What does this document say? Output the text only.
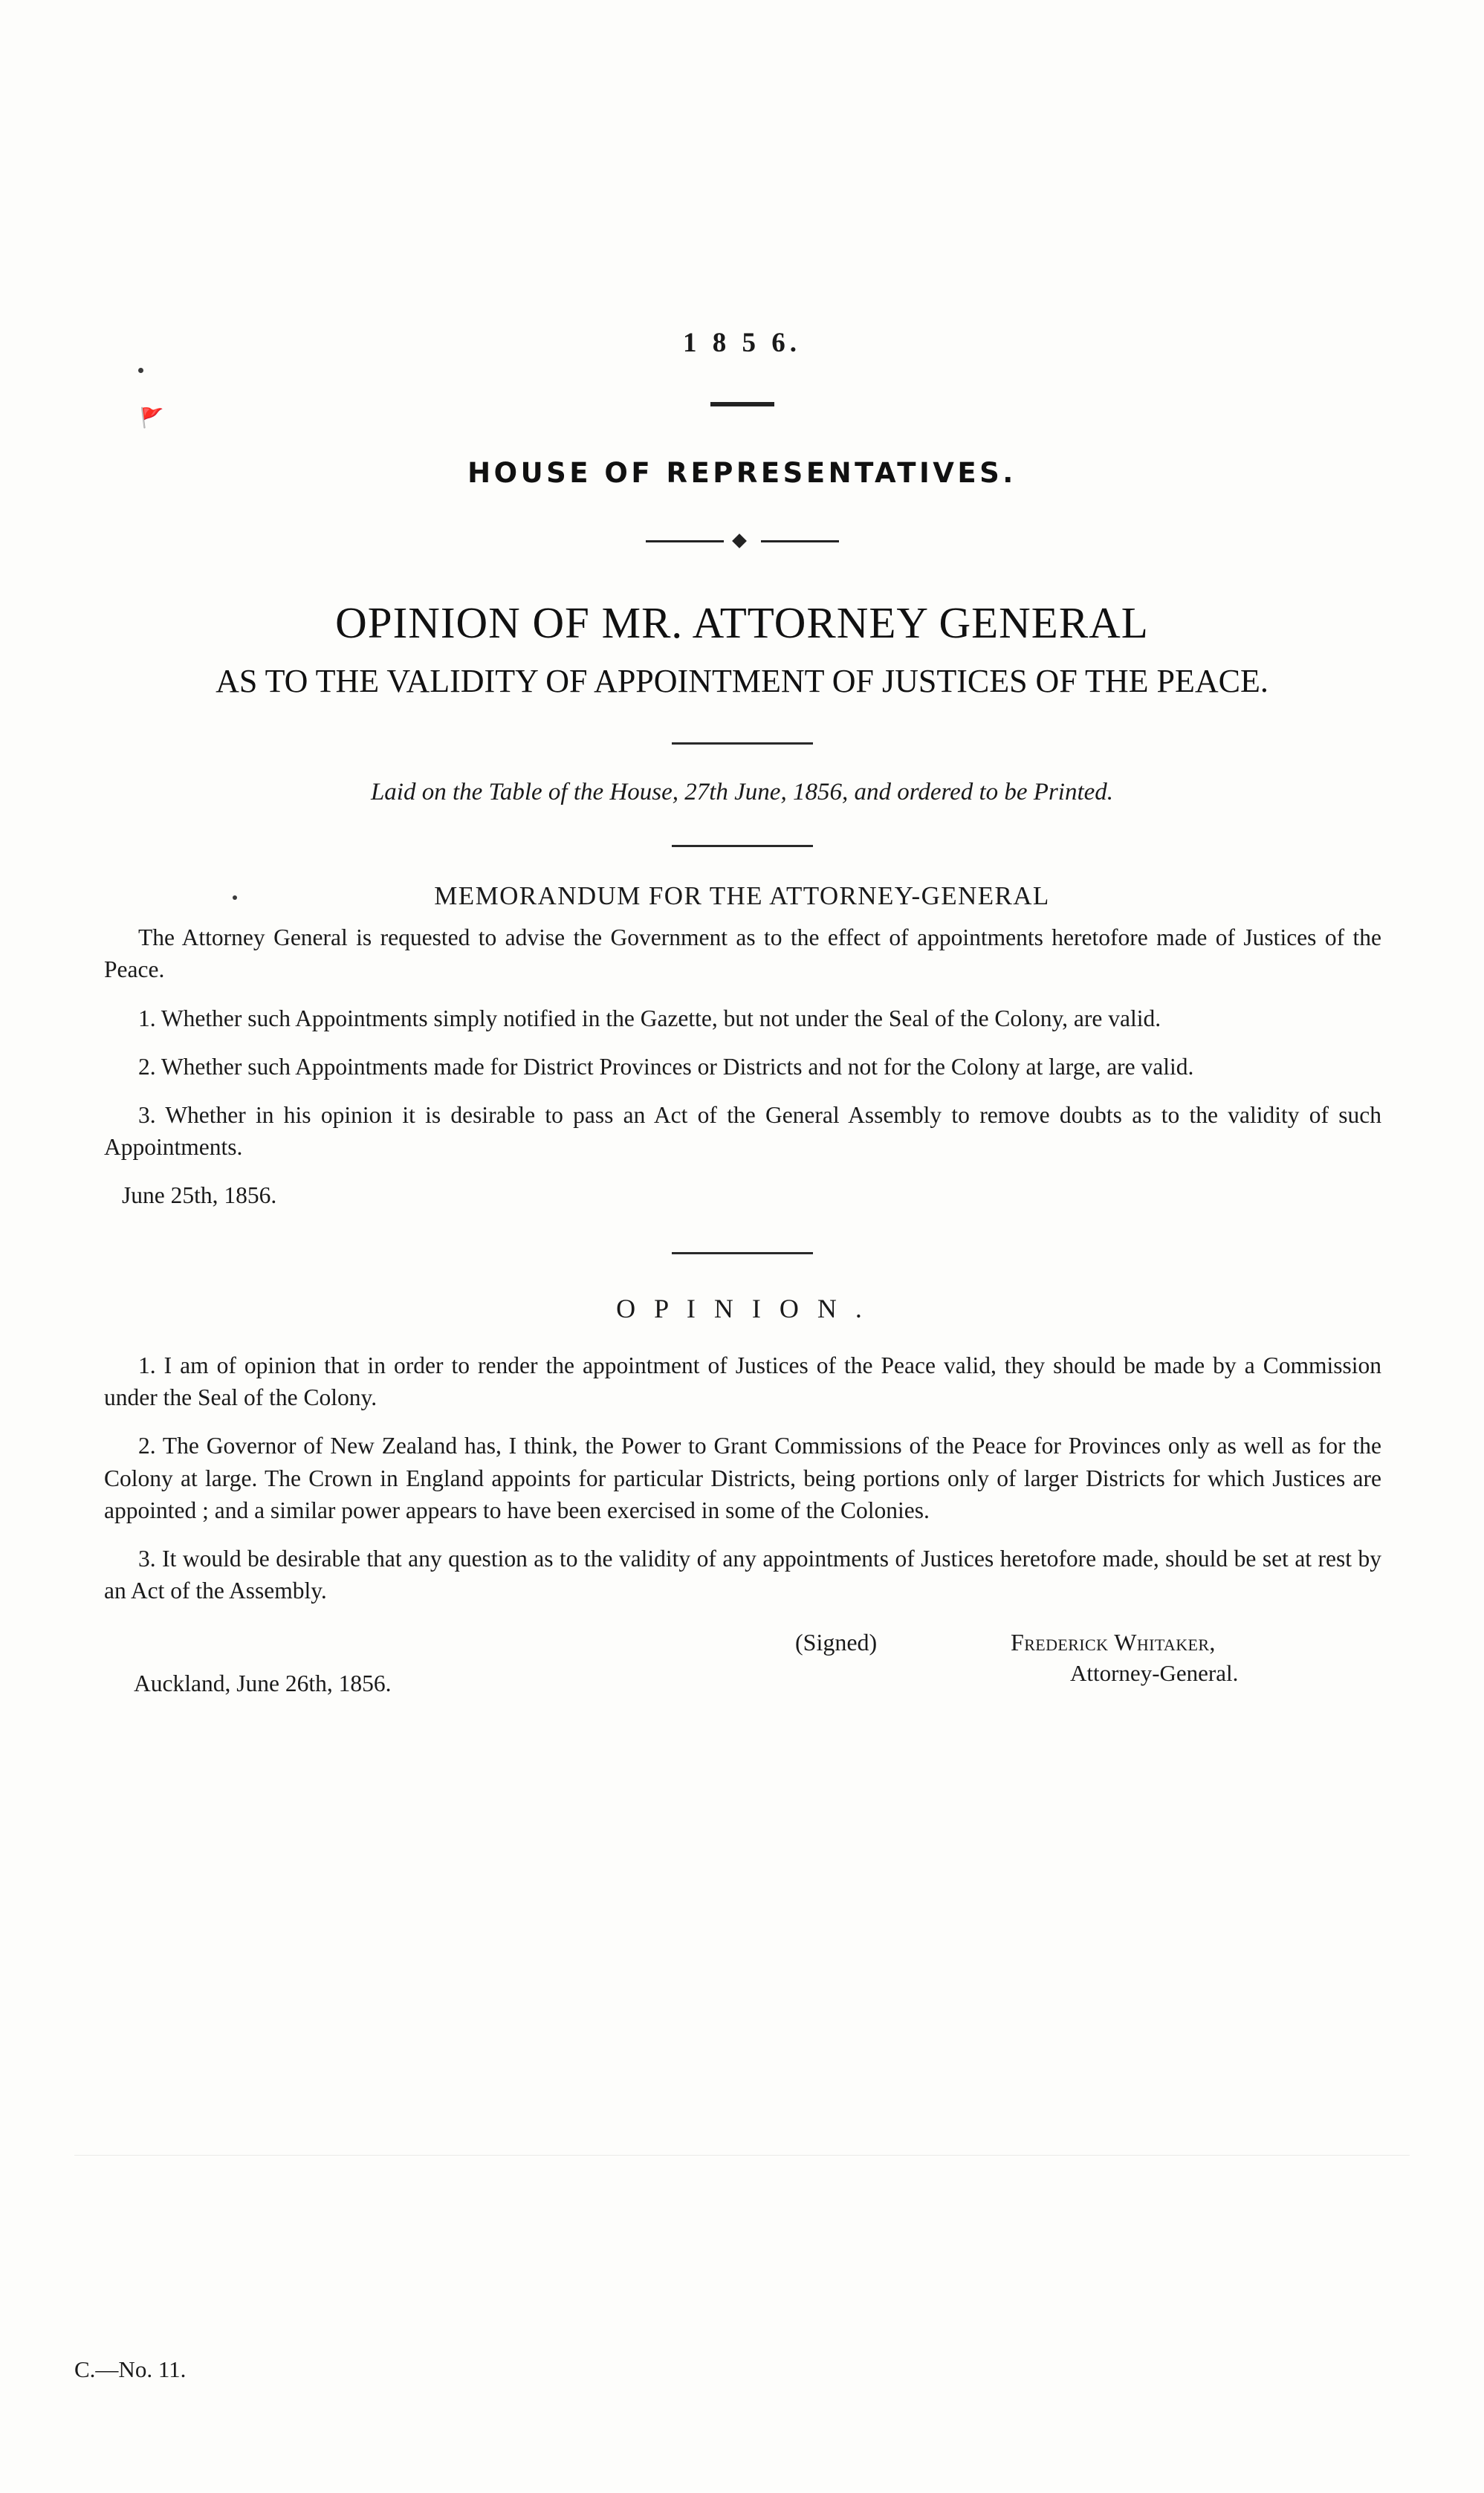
🚩
1 8 5 6.
HOUSE OF REPRESENTATIVES.
OPINION OF MR. ATTORNEY GENERAL
AS TO THE VALIDITY OF APPOINTMENT OF JUSTICES OF THE PEACE.
Laid on the Table of the House, 27th June, 1856, and ordered to be Printed.
MEMORANDUM FOR THE ATTORNEY-GENERAL

The Attorney General is requested to advise the Government as to the effect of appointments heretofore made of Justices of the Peace.

1. Whether such Appointments simply notified in the Gazette, but not under the Seal of the Colony, are valid.

2. Whether such Appointments made for District Provinces or Districts and not for the Colony at large, are valid.

3. Whether in his opinion it is desirable to pass an Act of the General Assembly to remove doubts as to the validity of such Appointments.

June 25th, 1856.

O P I N I O N .

1. I am of opinion that in order to render the appointment of Justices of the Peace valid, they should be made by a Commission under the Seal of the Colony.

2. The Governor of New Zealand has, I think, the Power to Grant Commissions of the Peace for Provinces only as well as for the Colony at large. The Crown in England appoints for particular Districts, being portions only of larger Districts for which Justices are appointed ; and a similar power appears to have been exercised in some of the Colonies.

3. It would be desirable that any question as to the validity of any appointments of Justices heretofore made, should be set at rest by an Act of the Assembly.

(Signed)	Frederick Whitaker,
Attorney-General.
Auckland, June 26th, 1856.
C.—No. 11.
